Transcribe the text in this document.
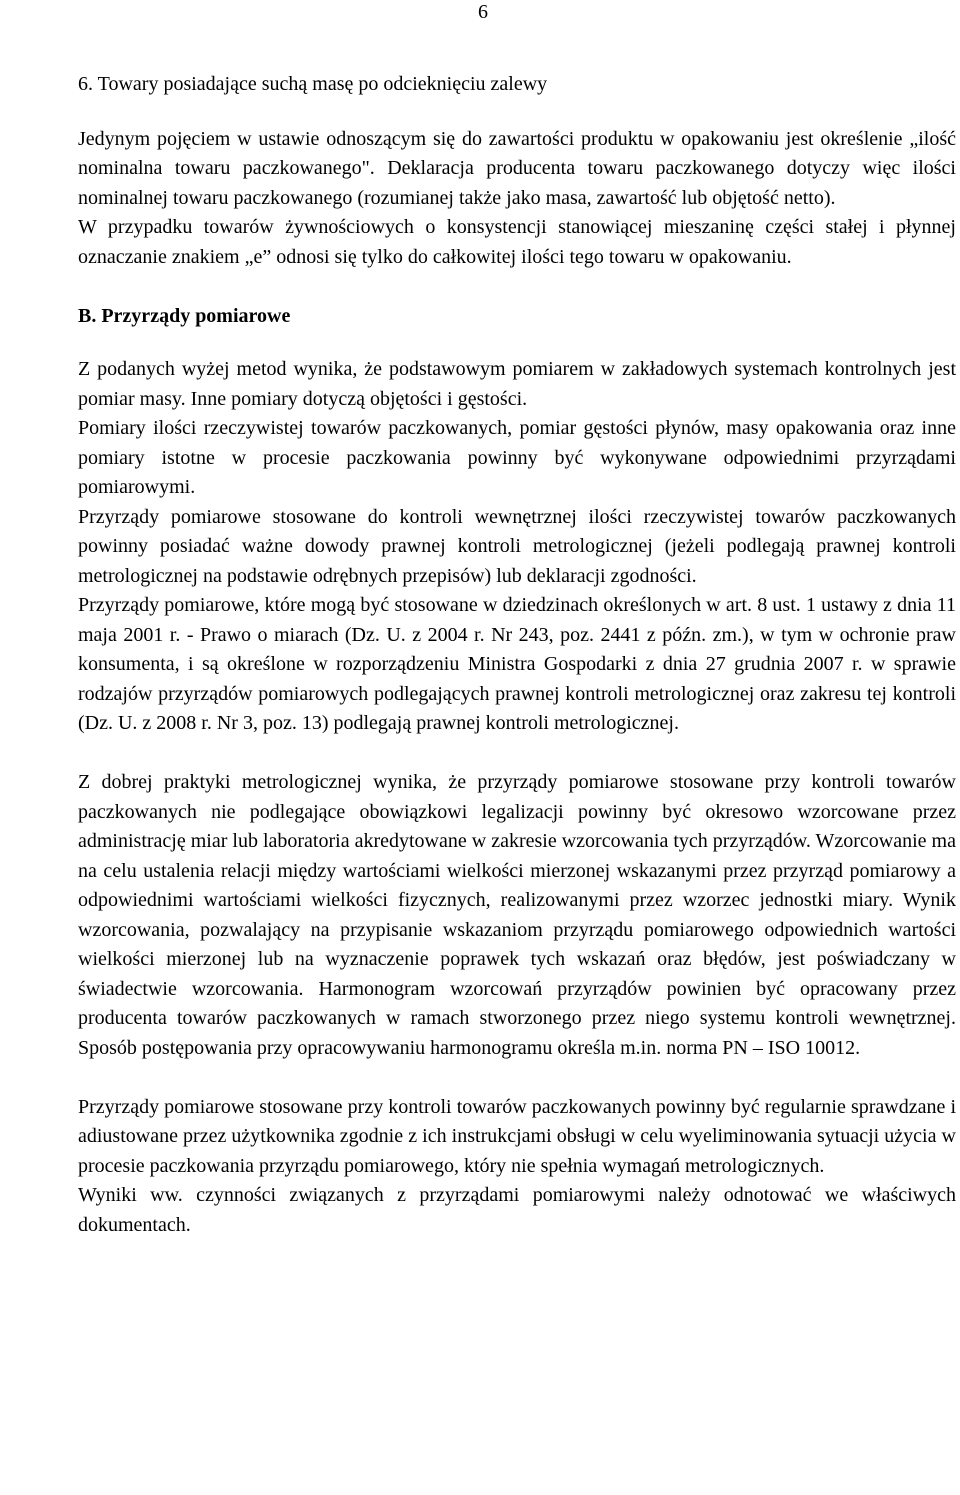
6

6. Towary posiadające suchą masę po odcieknięciu zalewy

Jedynym pojęciem w ustawie odnoszącym się do zawartości produktu w opakowaniu jest określenie „ilość nominalna towaru paczkowanego". Deklaracja producenta towaru paczkowanego dotyczy więc ilości nominalnej towaru paczkowanego (rozumianej także jako masa, zawartość lub objętość netto).

W przypadku towarów żywnościowych o konsystencji stanowiącej mieszaninę części stałej i płynnej oznaczanie znakiem „e” odnosi się tylko do całkowitej ilości tego towaru w opakowaniu.

B. Przyrządy pomiarowe

Z podanych wyżej metod wynika, że podstawowym pomiarem w zakładowych systemach kontrolnych jest pomiar masy. Inne pomiary dotyczą objętości i gęstości.

Pomiary ilości rzeczywistej towarów paczkowanych, pomiar gęstości płynów, masy opakowania oraz inne pomiary istotne w procesie paczkowania powinny być wykonywane odpowiednimi przyrządami pomiarowymi.

Przyrządy pomiarowe stosowane do kontroli wewnętrznej ilości rzeczywistej towarów paczkowanych powinny posiadać ważne dowody prawnej kontroli metrologicznej (jeżeli podlegają prawnej kontroli metrologicznej na podstawie odrębnych przepisów) lub deklaracji zgodności.

Przyrządy pomiarowe, które mogą być stosowane w dziedzinach określonych w art. 8 ust. 1 ustawy z dnia 11 maja 2001 r. - Prawo o miarach (Dz. U. z 2004 r. Nr 243, poz. 2441 z późn. zm.), w tym w ochronie praw konsumenta, i są określone w rozporządzeniu Ministra Gospodarki z dnia 27 grudnia 2007 r. w sprawie rodzajów przyrządów pomiarowych podlegających prawnej kontroli metrologicznej oraz zakresu tej kontroli (Dz. U. z 2008 r. Nr 3, poz. 13) podlegają prawnej kontroli metrologicznej.

Z dobrej praktyki metrologicznej wynika, że przyrządy pomiarowe stosowane przy kontroli towarów paczkowanych nie podlegające obowiązkowi legalizacji powinny być okresowo wzorcowane przez administrację miar lub laboratoria akredytowane w zakresie wzorcowania tych przyrządów. Wzorcowanie ma na celu ustalenia relacji między wartościami wielkości mierzonej wskazanymi przez przyrząd pomiarowy a odpowiednimi wartościami wielkości fizycznych, realizowanymi przez wzorzec jednostki miary. Wynik wzorcowania, pozwalający na przypisanie wskazaniom przyrządu pomiarowego odpowiednich wartości wielkości mierzonej lub na wyznaczenie poprawek tych wskazań oraz błędów, jest poświadczany w świadectwie wzorcowania. Harmonogram wzorcowań przyrządów powinien być opracowany przez producenta towarów paczkowanych w ramach stworzonego przez niego systemu kontroli wewnętrznej. Sposób postępowania przy opracowywaniu harmonogramu określa m.in. norma PN – ISO 10012.

Przyrządy pomiarowe stosowane przy kontroli towarów paczkowanych powinny być regularnie sprawdzane i adiustowane przez użytkownika zgodnie z ich instrukcjami obsługi w celu wyeliminowania sytuacji użycia w procesie paczkowania przyrządu pomiarowego, który nie spełnia wymagań metrologicznych.

Wyniki ww. czynności związanych z przyrządami pomiarowymi należy odnotować we właściwych dokumentach.
